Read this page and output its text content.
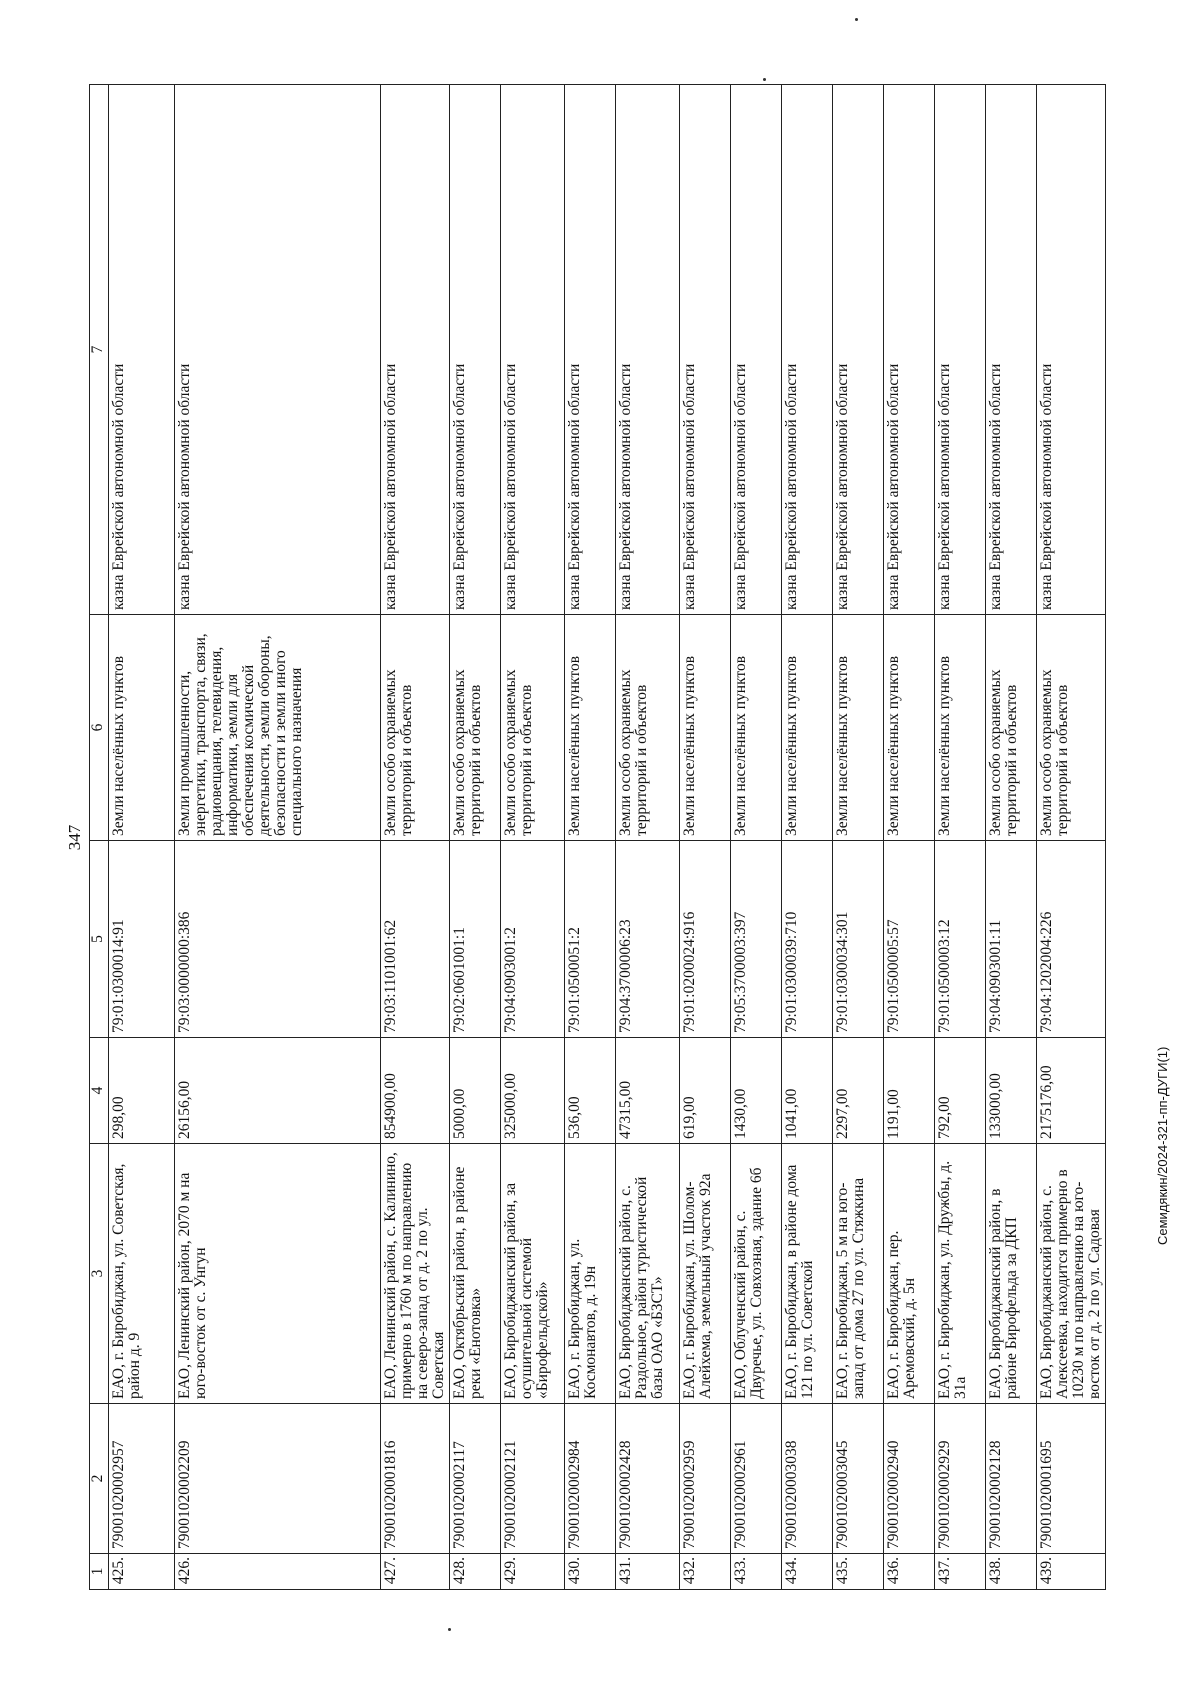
347
1	2	3	4	5	6	7
425.	79001020002957	ЕАО, г. Биробиджан, ул. Советская, район д. 9	298,00	79:01:0300014:91	Земли населённых пунктов	казна Еврейской автономной области
426.	79001020002209	ЕАО, Ленинский район, 2070 м на юго-восток от с. Унгун	26156,00	79:03:0000000:386	Земли промышленности, энергетики, транспорта, связи, радиовещания, телевидения, информатики, земли для обеспечения космической деятельности, земли обороны, безопасности и земли иного специального назначения	казна Еврейской автономной области
427.	79001020001816	ЕАО, Ленинский район, с. Калинино, примерно в 1760 м по направлению на северо-запад от д. 2 по ул. Советская	854900,00	79:03:1101001:62	Земли особо охраняемых территорий и объектов	казна Еврейской автономной области
428.	79001020002117	ЕАО, Октябрьский район, в районе реки «Енотовка»	5000,00	79:02:0601001:1	Земли особо охраняемых территорий и объектов	казна Еврейской автономной области
429.	79001020002121	ЕАО, Биробиджанский район, за осушительной системой «Бирофельдской»	325000,00	79:04:0903001:2	Земли особо охраняемых территорий и объектов	казна Еврейской автономной области
430.	79001020002984	ЕАО, г. Биробиджан, ул. Космонавтов, д. 19н	536,00	79:01:0500051:2	Земли населённых пунктов	казна Еврейской автономной области
431.	79001020002428	ЕАО, Биробиджанский район, с. Раздольное, район туристической базы ОАО «БЗСТ»	47315,00	79:04:3700006:23	Земли особо охраняемых территорий и объектов	казна Еврейской автономной области
432.	79001020002959	ЕАО, г. Биробиджан, ул. Шолом-Алейхема, земельный участок 92а	619,00	79:01:0200024:916	Земли населённых пунктов	казна Еврейской автономной области
433.	79001020002961	ЕАО, Облученский район, с. Двуречье, ул. Совхозная, здание 6б	1430,00	79:05:3700003:397	Земли населённых пунктов	казна Еврейской автономной области
434.	79001020003038	ЕАО, г. Биробиджан, в районе дома 121 по ул. Советской	1041,00	79:01:0300039:710	Земли населённых пунктов	казна Еврейской автономной области
435.	79001020003045	ЕАО, г. Биробиджан, 5 м на юго-запад от дома 27 по ул. Стяжкина	2297,00	79:01:0300034:301	Земли населённых пунктов	казна Еврейской автономной области
436.	79001020002940	ЕАО, г. Биробиджан, пер. Аремовский, д. 5н	1191,00	79:01:0500005:57	Земли населённых пунктов	казна Еврейской автономной области
437.	79001020002929	ЕАО, г. Биробиджан, ул. Дружбы, д. 31а	792,00	79:01:0500003:12	Земли населённых пунктов	казна Еврейской автономной области
438.	79001020002128	ЕАО, Биробиджанский район, в районе Бирофельда за ДКП	133000,00	79:04:0903001:11	Земли особо охраняемых территорий и объектов	казна Еврейской автономной области
439.	79001020001695	ЕАО, Биробиджанский район, с. Алексеевка, находится примерно в 10230 м по направлению на юго-восток от д. 2 по ул. Садовая	2175176,00	79:04:1202004:226	Земли особо охраняемых территорий и объектов	казна Еврейской автономной области
Семидякин/2024-321-пп-ДУГИ(1)
